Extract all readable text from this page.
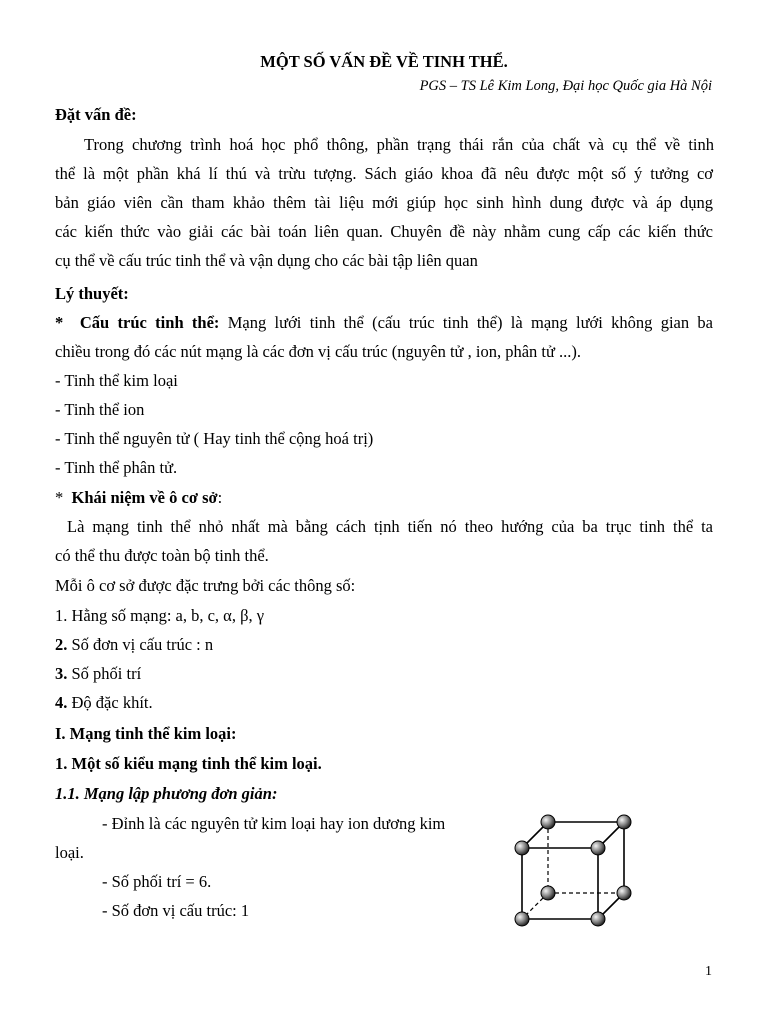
MỘT SỐ VẤN ĐỀ VỀ TINH THỂ.
PGS – TS Lê Kim Long, Đại học Quốc gia Hà Nội
Đặt vấn đề:
Trong chương trình hoá học phổ thông, phần trạng thái rắn của chất và cụ thể về tinh
thể là một phần khá lí thú và trừu tượng. Sách giáo khoa đã nêu được một số ý tưởng cơ
bản giáo viên cần tham khảo thêm tài liệu mới giúp học sinh hình dung được và áp dụng
các kiến thức vào giải các bài toán liên quan. Chuyên đề này nhằm cung cấp các kiến thức
cụ thể về cấu trúc tinh thể và vận dụng cho các bài tập liên quan
Lý thuyết:
* Cấu trúc tinh thể: Mạng lưới tinh thể (cấu trúc tinh thể) là mạng lưới không gian ba
chiều trong đó các nút mạng là các đơn vị cấu trúc (nguyên tử , ion, phân tử ...).
- Tinh thể kim loại
- Tinh thể ion
- Tinh thể nguyên tử ( Hay tinh thể cộng hoá trị)
- Tinh thể phân tử.
* Khái niệm về ô cơ sở:
Là mạng tinh thể nhỏ nhất mà bằng cách tịnh tiến nó theo hướng của ba trục tinh thể ta
có thể thu được toàn bộ tinh thể.
Mỗi ô cơ sở được đặc trưng bởi các thông số:
1. Hằng số mạng: a, b, c, α, β, γ
2. Số đơn vị cấu trúc : n
3. Số phối trí
4. Độ đặc khít.
I. Mạng tinh thể kim loại:
1. Một số kiểu mạng tinh thể kim loại.
1.1. Mạng lập phương đơn giản:
- Đỉnh là các nguyên tử kim loại hay ion dương kim
loại.
- Số phối trí = 6.
- Số đơn vị cấu trúc: 1
1
